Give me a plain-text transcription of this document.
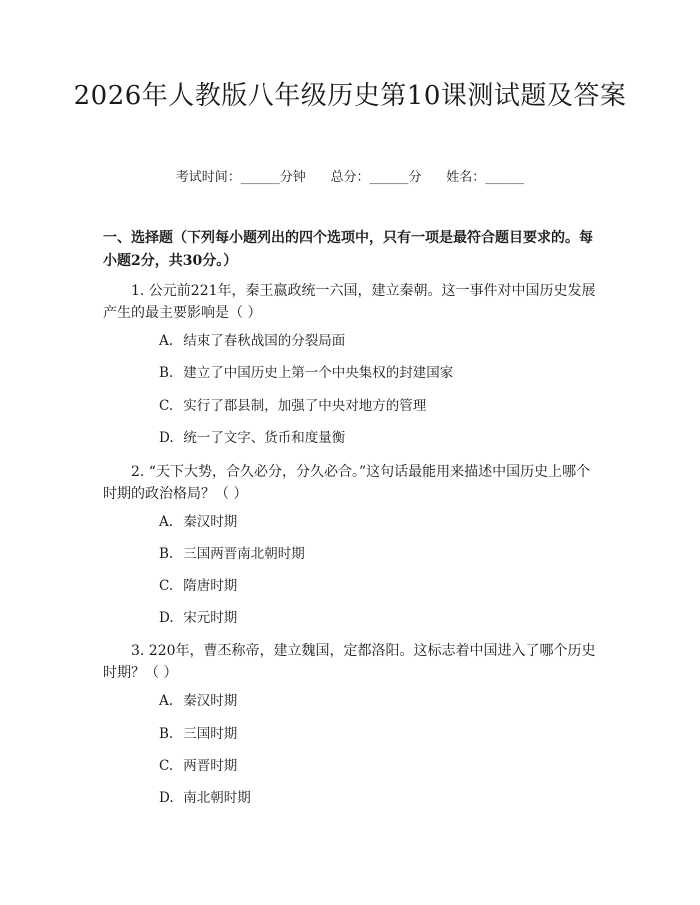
2026年人教版八年级历史第10课测试题及答案
考试时间：______分钟      总分：______分      姓名：______

一、选择题（下列每小题列出的四个选项中，只有一项是最符合题目要求的。每小题2分，共30分。）

1. 公元前221年，秦王嬴政统一六国，建立秦朝。这一事件对中国历史发展产生的最主要影响是（ ）

A. 结束了春秋战国的分裂局面
B. 建立了中国历史上第一个中央集权的封建国家
C. 实行了郡县制，加强了中央对地方的管理
D. 统一了文字、货币和度量衡

2. “天下大势，合久必分，分久必合。”这句话最能用来描述中国历史上哪个时期的政治格局？（ ）

A. 秦汉时期
B. 三国两晋南北朝时期
C. 隋唐时期
D. 宋元时期

3. 220年，曹丕称帝，建立魏国，定都洛阳。这标志着中国进入了哪个历史时期？（ ）

A. 秦汉时期
B. 三国时期
C. 两晋时期
D. 南北朝时期
